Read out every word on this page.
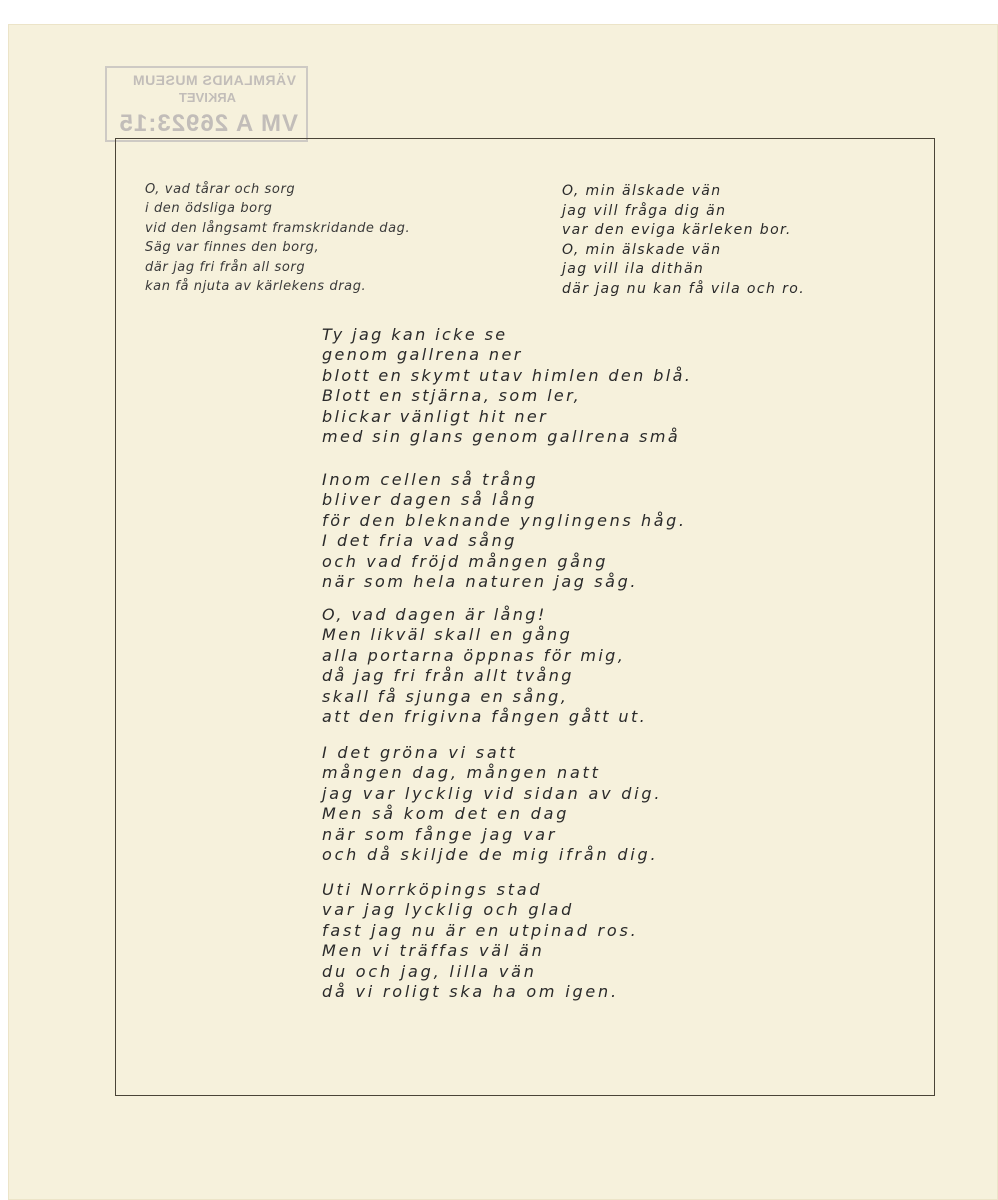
VÄRMLANDS MUSEUM
ARKIVET
VM A 26923:15
O, vad tårar och sorg
i den ödsliga borg
vid den långsamt framskridande dag.
Säg var finnes den borg,
där jag fri från all sorg
kan få njuta av kärlekens drag.
O, min älskade vän
jag vill fråga dig än
var den eviga kärleken bor.
O, min älskade vän
jag vill ila dithän
där jag nu kan få vila och ro.
Ty jag kan icke se
genom gallrena ner
blott en skymt utav himlen den blå.
Blott en stjärna, som ler,
blickar vänligt hit ner
med sin glans genom gallrena små
Inom cellen så trång
bliver dagen så lång
för den bleknande ynglingens håg.
I det fria vad sång
och vad fröjd mången gång
när som hela naturen jag såg.
O, vad dagen är lång!
Men likväl skall en gång
alla portarna öppnas för mig,
då jag fri från allt tvång
skall få sjunga en sång,
att den frigivna fången gått ut.
I det gröna vi satt
mången dag, mången natt
jag var lycklig vid sidan av dig.
Men så kom det en dag
när som fånge jag var
och då skiljde de mig ifrån dig.
Uti Norrköpings stad
var jag lycklig och glad
fast jag nu är en utpinad ros.
Men vi träffas väl än
du och jag, lilla vän
då vi roligt ska ha om igen.
